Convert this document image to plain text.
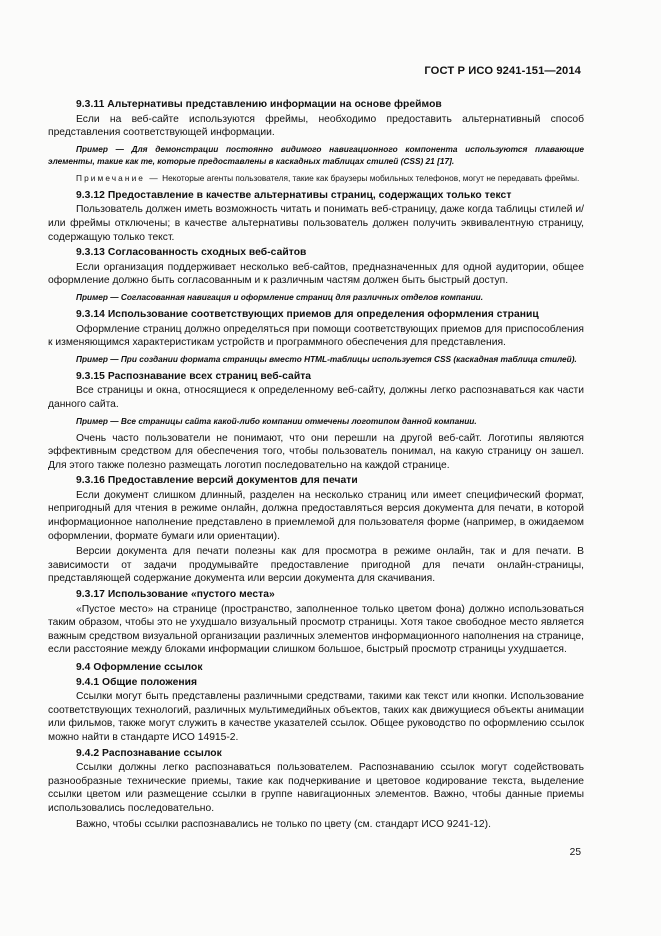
ГОСТ Р ИСО 9241-151—2014
9.3.11 Альтернативы представлению информации на основе фреймов
Если на веб-сайте используются фреймы, необходимо предоставить альтернативный способ представления соответствующей информации.
Пример — Для демонстрации постоянно видимого навигационного компонента используются плавающие элементы, такие как те, которые предоставлены в каскадных таблицах стилей (CSS) 21 [17].
Примечание — Некоторые агенты пользователя, такие как браузеры мобильных телефонов, могут не передавать фреймы.
9.3.12 Предоставление в качестве альтернативы страниц, содержащих только текст
Пользователь должен иметь возможность читать и понимать веб-страницу, даже когда таблицы стилей и/или фреймы отключены; в качестве альтернативы пользователь должен получить эквивалентную страницу, содержащую только текст.
9.3.13 Согласованность сходных веб-сайтов
Если организация поддерживает несколько веб-сайтов, предназначенных для одной аудитории, общее оформление должно быть согласованным и к различным частям должен быть быстрый доступ.
Пример — Согласованная навигация и оформление страниц для различных отделов компании.
9.3.14 Использование соответствующих приемов для определения оформления страниц
Оформление страниц должно определяться при помощи соответствующих приемов для приспособления к изменяющимся характеристикам устройств и программного обеспечения для представления.
Пример — При создании формата страницы вместо HTML-таблицы используется CSS (каскадная таблица стилей).
9.3.15 Распознавание всех страниц веб-сайта
Все страницы и окна, относящиеся к определенному веб-сайту, должны легко распознаваться как части данного сайта.
Пример — Все страницы сайта какой-либо компании отмечены логотипом данной компании.
Очень часто пользователи не понимают, что они перешли на другой веб-сайт. Логотипы являются эффективным средством для обеспечения того, чтобы пользователь понимал, на какую страницу он зашел. Для этого также полезно размещать логотип последовательно на каждой странице.
9.3.16 Предоставление версий документов для печати
Если документ слишком длинный, разделен на несколько страниц или имеет специфический формат, непригодный для чтения в режиме онлайн, должна предоставляться версия документа для печати, в которой информационное наполнение представлено в приемлемой для пользователя форме (например, в ожидаемом оформлении, формате бумаги или ориентации).
Версии документа для печати полезны как для просмотра в режиме онлайн, так и для печати. В зависимости от задачи продумывайте предоставление пригодной для печати онлайн-страницы, представляющей содержание документа или версии документа для скачивания.
9.3.17 Использование «пустого места»
«Пустое место» на странице (пространство, заполненное только цветом фона) должно использоваться таким образом, чтобы это не ухудшало визуальный просмотр страницы. Хотя такое свободное место является важным средством визуальной организации различных элементов информационного наполнения на странице, если расстояние между блоками информации слишком большое, быстрый просмотр страницы ухудшается.
9.4 Оформление ссылок
9.4.1 Общие положения
Ссылки могут быть представлены различными средствами, такими как текст или кнопки. Использование соответствующих технологий, различных мультимедийных объектов, таких как движущиеся объекты анимации или фильмов, также могут служить в качестве указателей ссылок. Общее руководство по оформлению ссылок можно найти в стандарте ИСО 14915-2.
9.4.2 Распознавание ссылок
Ссылки должны легко распознаваться пользователем. Распознаванию ссылок могут содействовать разнообразные технические приемы, такие как подчеркивание и цветовое кодирование текста, выделение ссылки цветом или размещение ссылки в группе навигационных элементов. Важно, чтобы данные приемы использовались последовательно.
Важно, чтобы ссылки распознавались не только по цвету (см. стандарт ИСО 9241-12).
25
